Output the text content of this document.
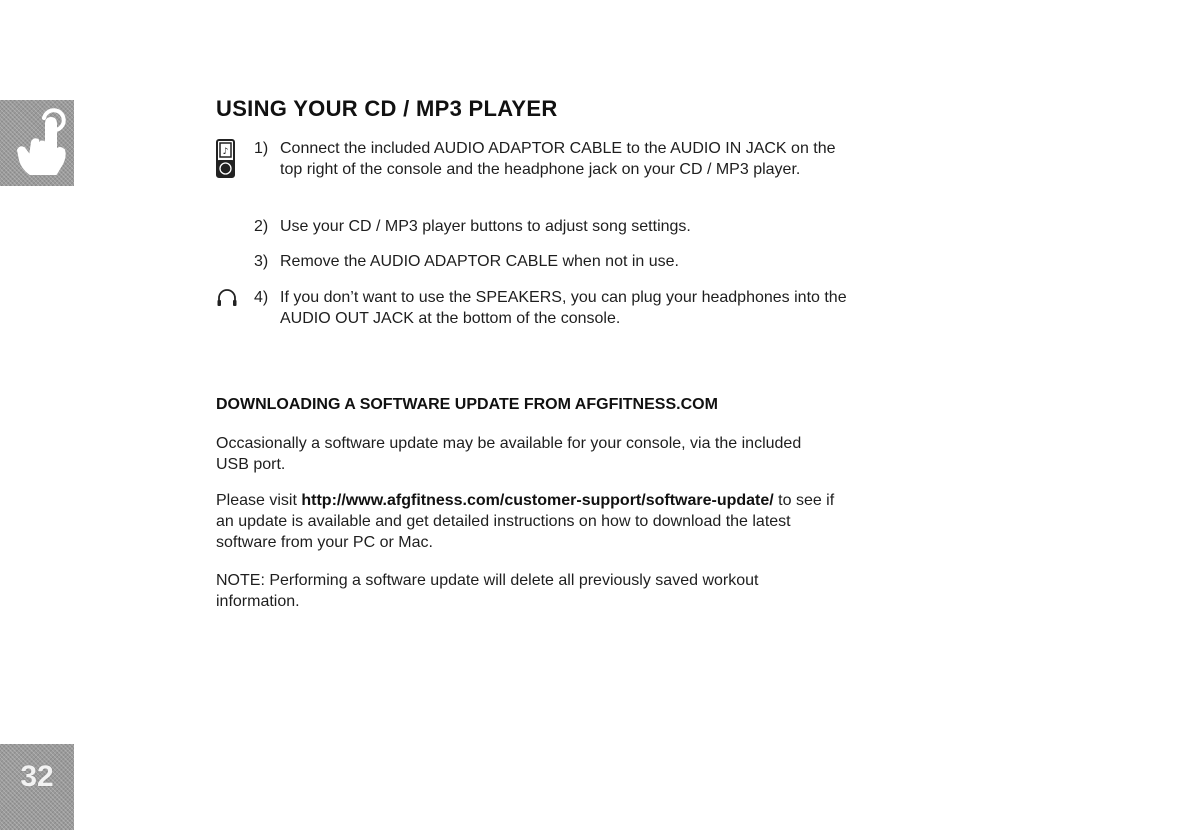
32
USING YOUR CD / MP3 PLAYER
♪ 1) Connect the included AUDIO ADAPTOR CABLE to the AUDIO IN JACK on the top right of the console and the headphone jack on your CD / MP3 player.
2) Use your CD / MP3 player buttons to adjust song settings.
3) Remove the AUDIO ADAPTOR CABLE when not in use.
4) If you don’t want to use the SPEAKERS, you can plug your headphones into the AUDIO OUT JACK at the bottom of the console.
DOWNLOADING A SOFTWARE UPDATE FROM AFGFITNESS.COM

Occasionally a software update may be available for your console, via the included USB port.

Please visit http://www.afgfitness.com/customer-support/software-update/ to see if an update is available and get detailed instructions on how to download the latest software from your PC or Mac.

NOTE: Performing a software update will delete all previously saved workout information.
